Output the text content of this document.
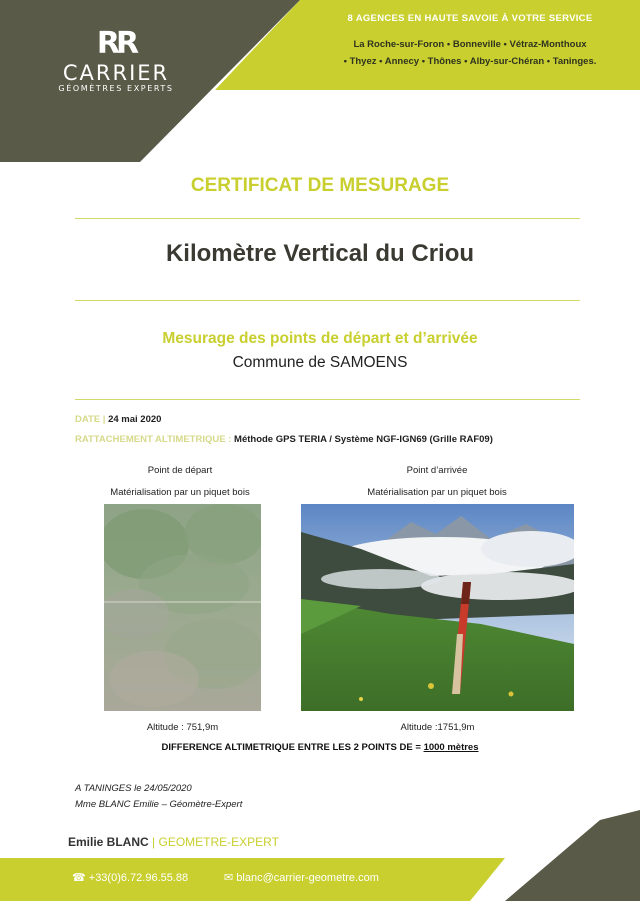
RR
CARRIER
GÉOMÈTRES EXPERTS
8 AGENCES EN HAUTE SAVOIE À VOTRE SERVICE
La Roche-sur-Foron • Bonneville • Vétraz-Monthoux
• Thyez • Annecy • Thônes • Alby-sur-Chéran • Taninges.
CERTIFICAT DE MESURAGE
Kilomètre Vertical du Criou
Mesurage des points de départ et d’arrivée
Commune de SAMOENS
DATE | 24 mai 2020
RATTACHEMENT ALTIMETRIQUE : Méthode GPS TERIA / Système NGF-IGN69 (Grille RAF09)
Point de départ
Matérialisation par un piquet bois
Point d’arrivée
Matérialisation par un piquet bois
Altitude : 751,9m	Altitude :1751,9m
DIFFERENCE ALTIMETRIQUE ENTRE LES 2 POINTS DE = 1000 mètres
A TANINGES le 24/05/2020
Mme BLANC Emilie – Géomètre-Expert
Emilie BLANC | GEOMETRE-EXPERT
☎ +33(0)6.72.96.55.88	✉ blanc@carrier-geometre.com
